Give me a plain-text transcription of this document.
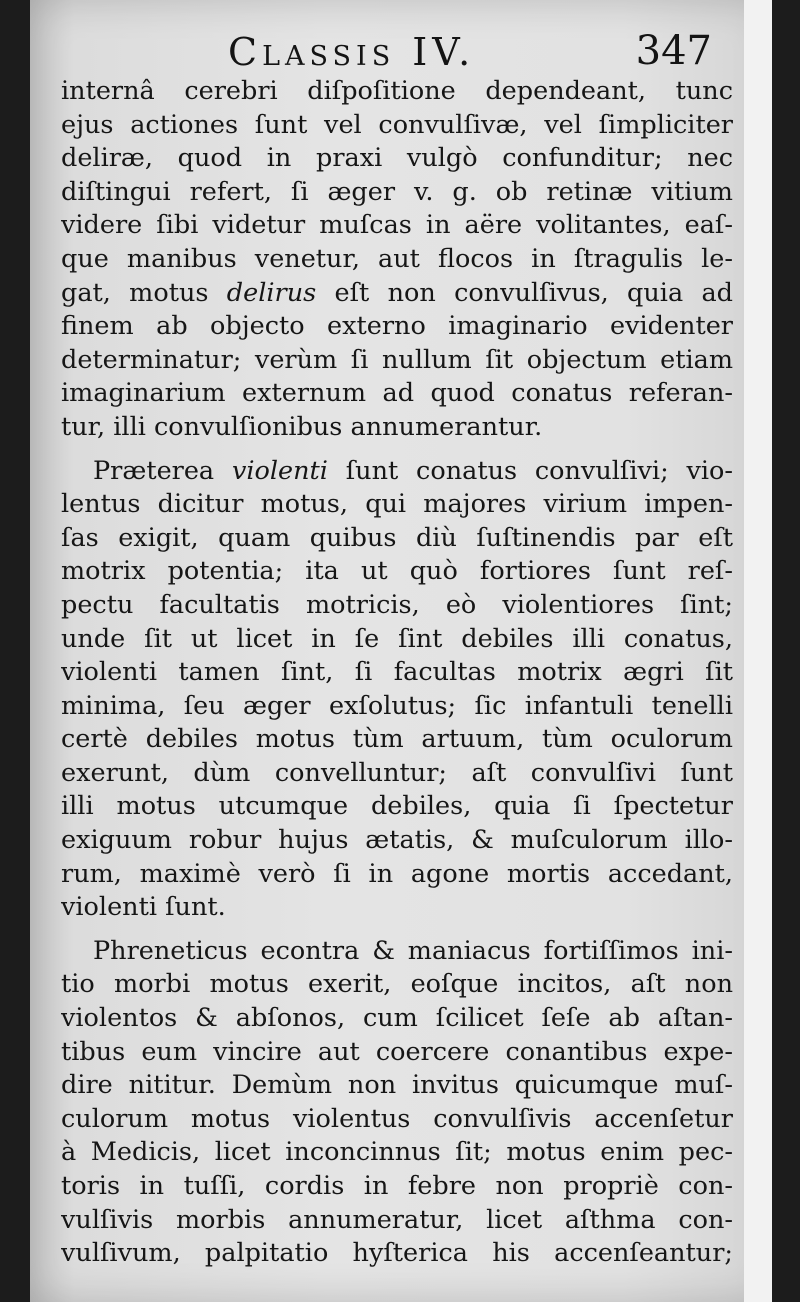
Classis IV.	347
internâ cerebri diſpoſitione dependeant, tunc
ejus actiones ſunt vel convulſivæ, vel ſimpliciter
deliræ, quod in praxi vulgò confunditur; nec
diſtingui refert, ſi æger v. g. ob retinæ vitium
videre ſibi videtur muſcas in aëre volitantes, eaſ-
que manibus venetur, aut flocos in ſtragulis le-
gat, motus delirus eſt non convulſivus, quia ad
finem ab objecto externo imaginario evidenter
determinatur; verùm ſi nullum ſit objectum etiam
imaginarium externum ad quod conatus referan-
tur, illi convulſionibus annumerantur.
Præterea violenti ſunt conatus convulſivi; vio-
lentus dicitur motus, qui majores virium impen-
ſas exigit, quam quibus diù ſuſtinendis par eſt
motrix potentia; ita ut quò fortiores ſunt reſ-
pectu facultatis motricis, eò violentiores ſint;
unde ſit ut licet in ſe ſint debiles illi conatus,
violenti tamen ſint, ſi facultas motrix ægri ſit
minima, ſeu æger exſolutus; ſic infantuli tenelli
certè debiles motus tùm artuum, tùm oculorum
exerunt, dùm convelluntur; aſt convulſivi ſunt
illi motus utcumque debiles, quia ſi ſpectetur
exiguum robur hujus ætatis, & muſculorum illo-
rum, maximè verò ſi in agone mortis accedant,
violenti ſunt.
Phreneticus econtra & maniacus fortiſſimos ini-
tio morbi motus exerit, eoſque incitos, aſt non
violentos & abſonos, cum ſcilicet ſeſe ab aſtan-
tibus eum vincire aut coercere conantibus expe-
dire nititur. Demùm non invitus quicumque muſ-
culorum motus violentus convulſivis accenſetur
à Medicis, licet inconcinnus ſit; motus enim pec-
toris in tuſſi, cordis in febre non propriè con-
vulſivis morbis annumeratur, licet aſthma con-
vulſivum, palpitatio hyſterica his accenſeantur;
